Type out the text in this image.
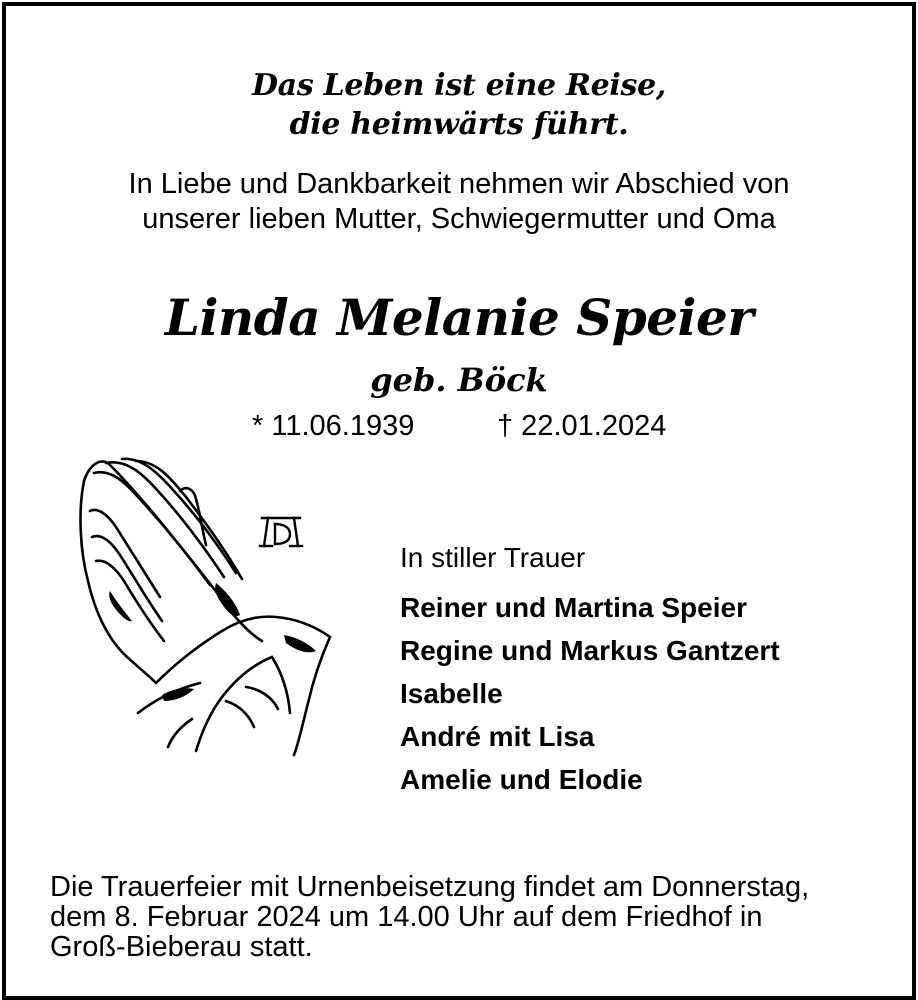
Das Leben ist eine Reise,
die heimwärts führt.
In Liebe und Dankbarkeit nehmen wir Abschied von
unserer lieben Mutter, Schwiegermutter und Oma
Linda Melanie Speier
geb. Böck
* 11.06.1939	† 22.01.2024
In stiller Trauer
Reiner und Martina Speier
Regine und Markus Gantzert
Isabelle
André mit Lisa
Amelie und Elodie
Die Trauerfeier mit Urnenbeisetzung findet am Donnerstag,
dem 8. Februar 2024 um 14.00 Uhr auf dem Friedhof in
Groß-Bieberau statt.
